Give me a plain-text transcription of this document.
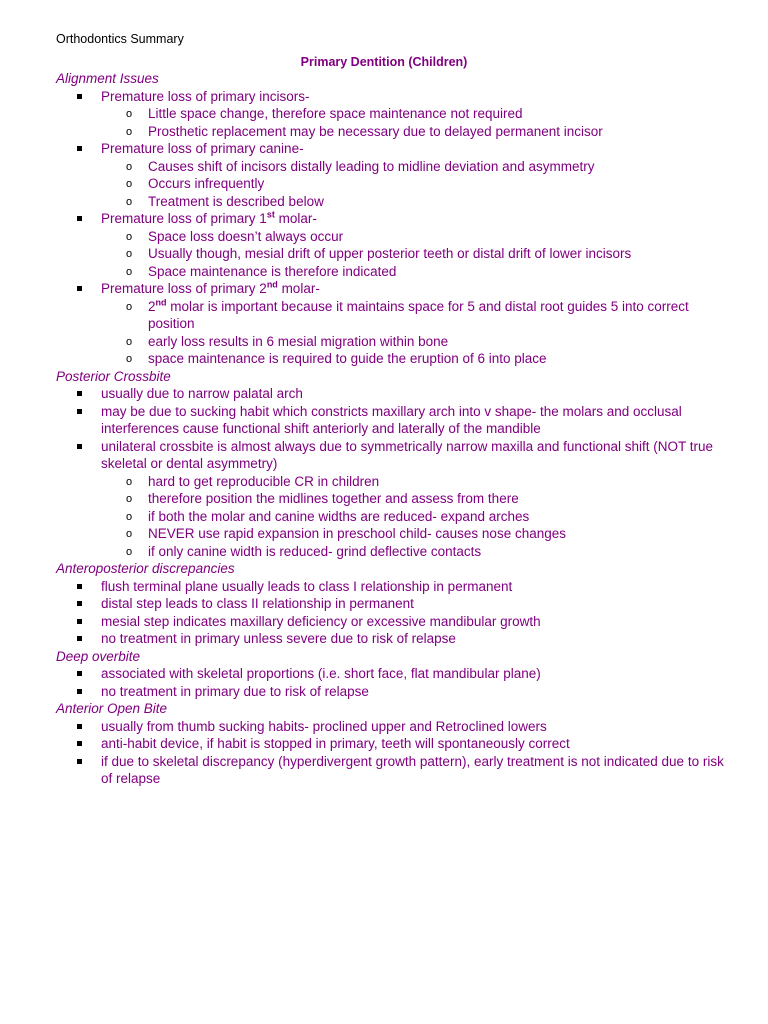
Orthodontics Summary
Primary Dentition (Children)
Alignment Issues
Premature loss of primary incisors-
o Little space change, therefore space maintenance not required
o Prosthetic replacement may be necessary due to delayed permanent incisor
Premature loss of primary canine-
o Causes shift of incisors distally leading to midline deviation and asymmetry
o Occurs infrequently
o Treatment is described below
Premature loss of primary 1st molar-
o Space loss doesn’t always occur
o Usually though, mesial drift of upper posterior teeth or distal drift of lower incisors
o Space maintenance is therefore indicated
Premature loss of primary 2nd molar-
o 2nd molar is important because it maintains space for 5 and distal root guides 5 into correct position
o early loss results in 6 mesial migration within bone
o space maintenance is required to guide the eruption of 6 into place
Posterior Crossbite
usually due to narrow palatal arch
may be due to sucking habit which constricts maxillary arch into v shape- the molars and occlusal interferences cause functional shift anteriorly and laterally of the mandible
unilateral crossbite is almost always due to symmetrically narrow maxilla and functional shift (NOT true skeletal or dental asymmetry)
o hard to get reproducible CR in children
o therefore position the midlines together and assess from there
o if both the molar and canine widths are reduced- expand arches
o NEVER use rapid expansion in preschool child- causes nose changes
o if only canine width is reduced- grind deflective contacts
Anteroposterior discrepancies
flush terminal plane usually leads to class I relationship in permanent
distal step leads to class II relationship in permanent
mesial step indicates maxillary deficiency or excessive mandibular growth
no treatment in primary unless severe due to risk of relapse
Deep overbite
associated with skeletal proportions (i.e. short face, flat mandibular plane)
no treatment in primary due to risk of relapse
Anterior Open Bite
usually from thumb sucking habits- proclined upper and Retroclined lowers
anti-habit device, if habit is stopped in primary, teeth will spontaneously correct
if due to skeletal discrepancy (hyperdivergent growth pattern), early treatment is not indicated due to risk of relapse
